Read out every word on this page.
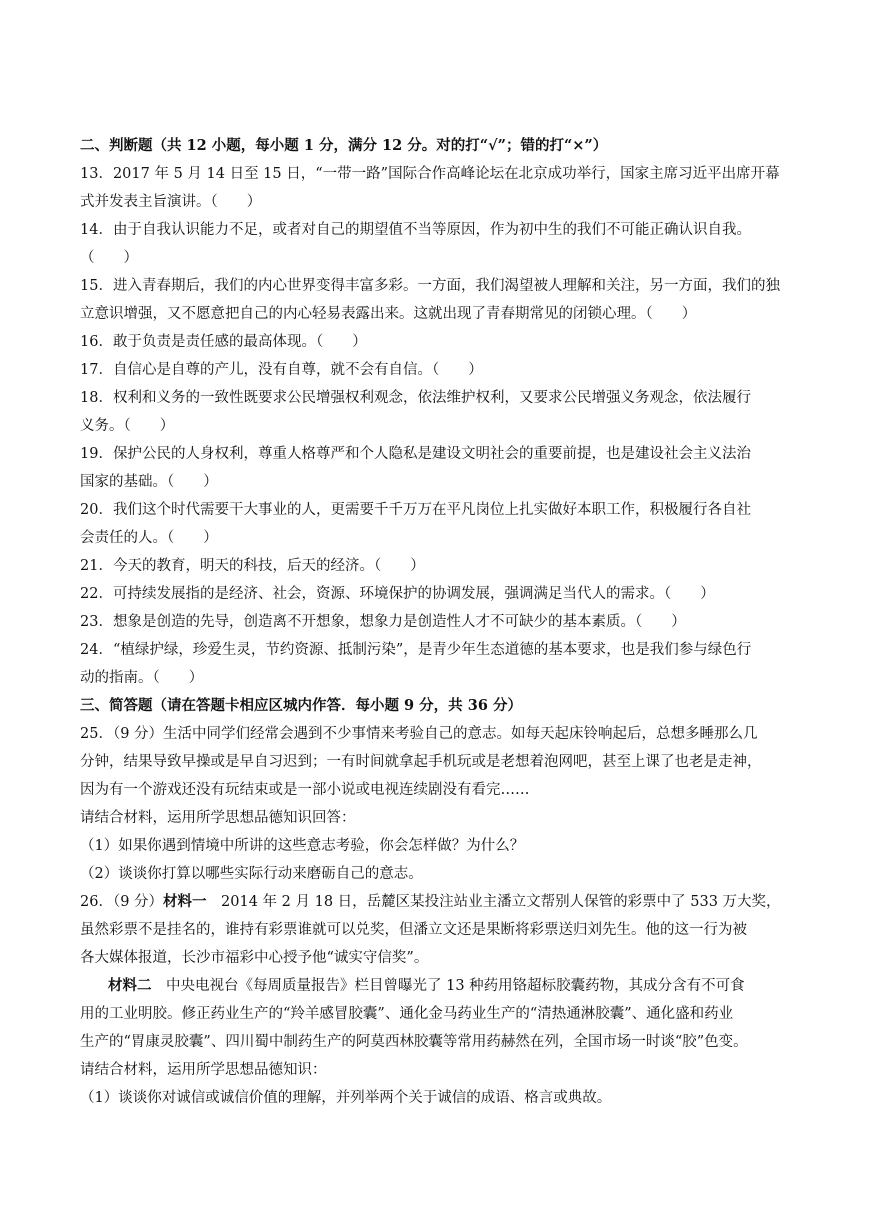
二、判断题（共 12 小题，每小题 1 分，满分 12 分。对的打“√”；错的打“×”）
13．2017 年 5 月 14 日至 15 日，“一带一路”国际合作高峰论坛在北京成功举行，国家主席习近平出席开幕
式并发表主旨演讲。（　　）
14．由于自我认识能力不足，或者对自己的期望值不当等原因，作为初中生的我们不可能正确认识自我。
（　　）
15．进入青春期后，我们的内心世界变得丰富多彩。一方面，我们渴望被人理解和关注，另一方面，我们的独
立意识增强，又不愿意把自己的内心轻易表露出来。这就出现了青春期常见的闭锁心理。（　　）
16．敢于负责是责任感的最高体现。（　　）
17．自信心是自尊的产儿，没有自尊，就不会有自信。（　　）
18．权利和义务的一致性既要求公民增强权利观念，依法维护权利，又要求公民增强义务观念，依法履行
义务。（　　）
19．保护公民的人身权利，尊重人格尊严和个人隐私是建设文明社会的重要前提，也是建设社会主义法治
国家的基础。（　　）
20．我们这个时代需要干大事业的人，更需要千千万万在平凡岗位上扎实做好本职工作，积极履行各自社
会责任的人。（　　）
21．今天的教育，明天的科技，后天的经济。（　　）
22．可持续发展指的是经济、社会，资源、环境保护的协调发展，强调满足当代人的需求。（　　）
23．想象是创造的先导，创造离不开想象，想象力是创造性人才不可缺少的基本素质。（　　）
24．“植绿护绿，珍爱生灵，节约资源、抵制污染”，是青少年生态道德的基本要求，也是我们参与绿色行
动的指南。（　　）
三、简答题（请在答题卡相应区城内作答．每小题 9 分，共 36 分）
25．（9 分）生活中同学们经常会遇到不少事情来考验自己的意志。如每天起床铃响起后，总想多睡那么几
分钟，结果导致早操或是早自习迟到；一有时间就拿起手机玩或是老想着泡网吧，甚至上课了也老是走神，
因为有一个游戏还没有玩结束或是一部小说或电视连续剧没有看完……
请结合材料，运用所学思想品德知识回答：
（1）如果你遇到情境中所讲的这些意志考验，你会怎样做？为什么？
（2）谈谈你打算以哪些实际行动来磨砺自己的意志。
26．（9 分）材料一　2014 年 2 月 18 日，岳麓区某投注站业主潘立文帮别人保管的彩票中了 533 万大奖，
虽然彩票不是挂名的，谁持有彩票谁就可以兑奖，但潘立文还是果断将彩票送归刘先生。他的这一行为被
各大媒体报道，长沙市福彩中心授予他“诚实守信奖”。
材料二　中央电视台《每周质量报告》栏目曾曝光了 13 种药用铬超标胶囊药物，其成分含有不可食
用的工业明胶。修正药业生产的“羚羊感冒胶囊”、通化金马药业生产的“清热通淋胶囊”、通化盛和药业
生产的“胃康灵胶囊”、四川蜀中制药生产的阿莫西林胶囊等常用药赫然在列，全国市场一时谈“胶”色变。
请结合材料，运用所学思想品德知识：
（1）谈谈你对诚信或诚信价值的理解，并列举两个关于诚信的成语、格言或典故。
